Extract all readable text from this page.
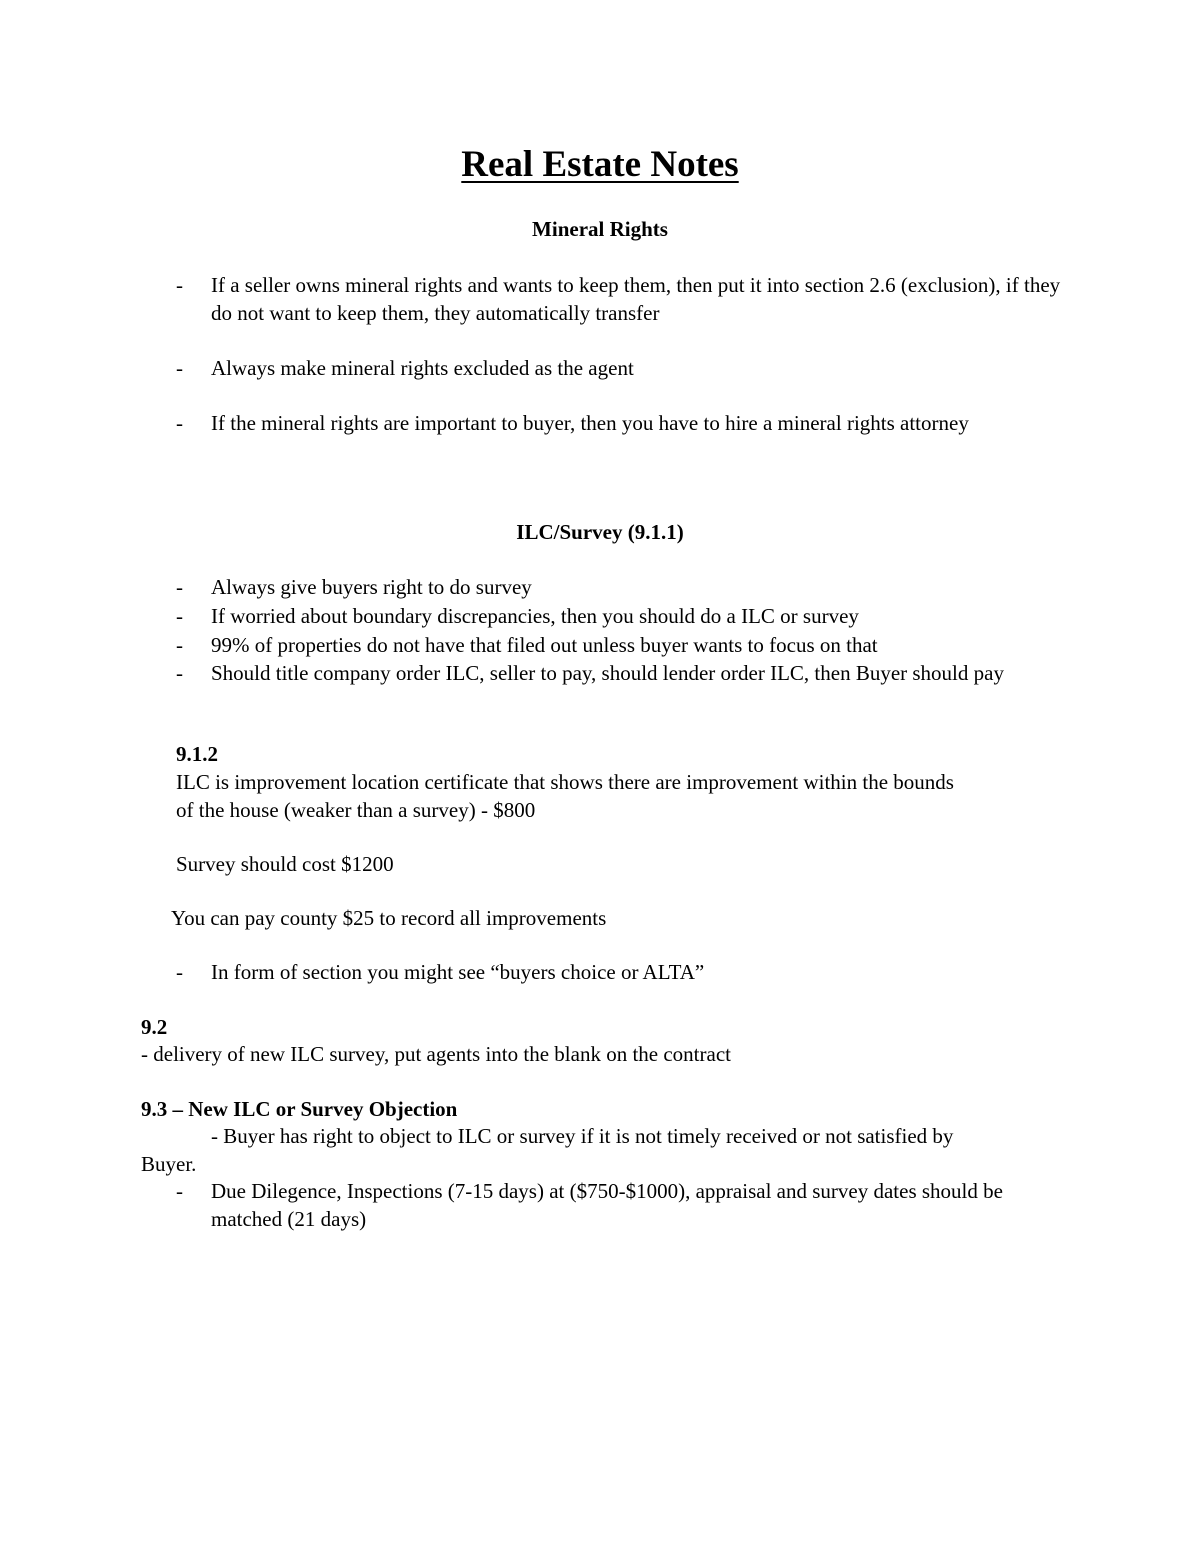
Real Estate Notes
Mineral Rights
- If a seller owns mineral rights and wants to keep them, then put it into section 2.6 (exclusion), if they do not want to keep them, they automatically transfer
- Always make mineral rights excluded as the agent
- If the mineral rights are important to buyer, then you have to hire a mineral rights attorney
ILC/Survey (9.1.1)
- Always give buyers right to do survey
- If worried about boundary discrepancies, then you should do a ILC or survey
- 99% of properties do not have that filed out unless buyer wants to focus on that
- Should title company order ILC, seller to pay, should lender order ILC, then Buyer should pay
9.1.2
ILC is improvement location certificate that shows there are improvement within the bounds
of the house (weaker than a survey) - $800
Survey should cost $1200
You can pay county $25 to record all improvements
- In form of section you might see “buyers choice or ALTA”
9.2
- delivery of new ILC survey, put agents into the blank on the contract
9.3 – New ILC or Survey Objection
- Buyer has right to object to ILC or survey if it is not timely received or not satisfied by
Buyer.
- Due Dilegence, Inspections (7-15 days) at ($750-$1000), appraisal and survey dates should be matched (21 days)
